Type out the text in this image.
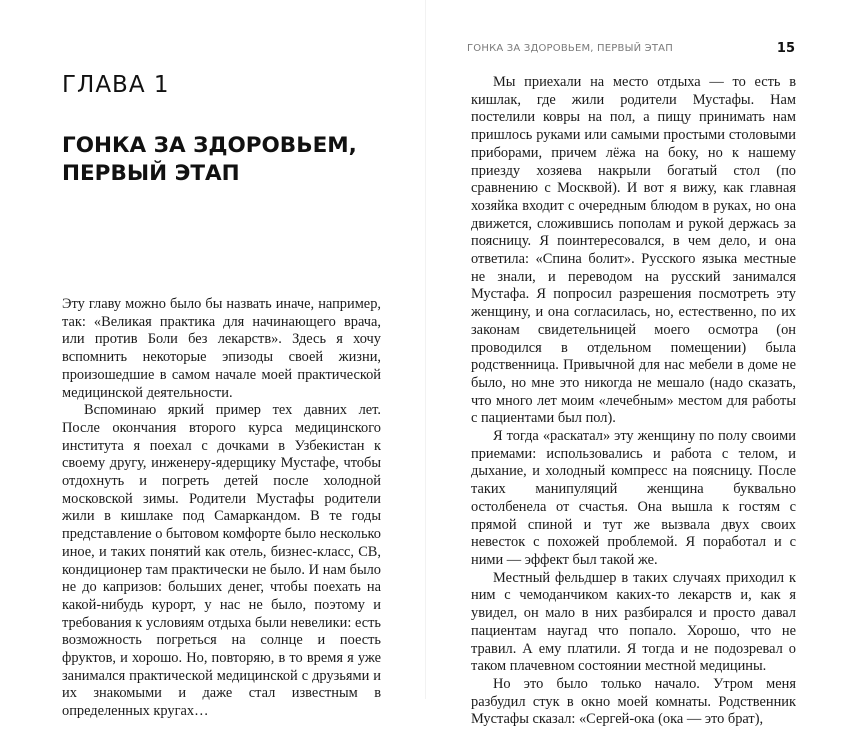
ГЛАВА 1
ГОНКА ЗА ЗДОРОВЬЕМ, ПЕРВЫЙ ЭТАП

Эту главу можно было бы назвать иначе, например, так: «Великая практика для начинающего врача, или против Боли без лекарств». Здесь я хочу вспомнить некоторые эпизоды своей жизни, произошедшие в самом начале моей практической медицинской деятельности.

Вспоминаю яркий пример тех давних лет. После окончания второго курса медицинского института я поехал с дочками в Узбекистан к своему другу, инженеру-ядерщику Мустафе, чтобы отдохнуть и погреть детей после холодной московской зимы. Родители Мустафы родители жили в кишлаке под Самаркандом. В те годы представление о бытовом комфорте было несколько иное, и таких понятий как отель, бизнес-класс, СВ, кондиционер там практически не было. И нам было не до капризов: больших денег, чтобы поехать на какой-нибудь курорт, у нас не было, поэтому и требования к условиям отдыха были невелики: есть возможность погреться на солнце и поесть фруктов, и хорошо. Но, повторяю, в то время я уже занимался практической медицинской с друзьями и их знакомыми и даже стал известным в определенных кругах…

ГОНКА ЗА ЗДОРОВЬЕМ, ПЕРВЫЙ ЭТАП	15

Мы приехали на место отдыха — то есть в кишлак, где жили родители Мустафы. Нам постелили ковры на пол, а пищу принимать нам пришлось руками или самыми простыми столовыми приборами, причем лёжа на боку, но к нашему приезду хозяева накрыли богатый стол (по сравнению с Москвой). И вот я вижу, как главная хозяйка входит с очередным блюдом в руках, но она движется, сложившись пополам и рукой держась за поясницу. Я поинтересовался, в чем дело, и она ответила: «Спина болит». Русского языка местные не знали, и переводом на русский занимался Мустафа. Я попросил разрешения посмотреть эту женщину, и она согласилась, но, естественно, по их законам свидетельницей моего осмотра (он проводился в отдельном помещении) была родственница. Привычной для нас мебели в доме не было, но мне это никогда не мешало (надо сказать, что много лет моим «лечебным» местом для работы с пациентами был пол).

Я тогда «раскатал» эту женщину по полу своими приемами: использовались и работа с телом, и дыхание, и холодный компресс на поясницу. После таких манипуляций женщина буквально остолбенела от счастья. Она вышла к гостям с прямой спиной и тут же вызвала двух своих невесток с похожей проблемой. Я поработал и с ними — эффект был такой же.

Местный фельдшер в таких случаях приходил к ним с чемоданчиком каких-то лекарств и, как я увидел, он мало в них разбирался и просто давал пациентам наугад что попало. Хорошо, что не травил. А ему платили. Я тогда и не подозревал о таком плачевном состоянии местной медицины.

Но это было только начало. Утром меня разбудил стук в окно моей комнаты. Родственник Мустафы сказал: «Сергей-ока (ока — это брат),
